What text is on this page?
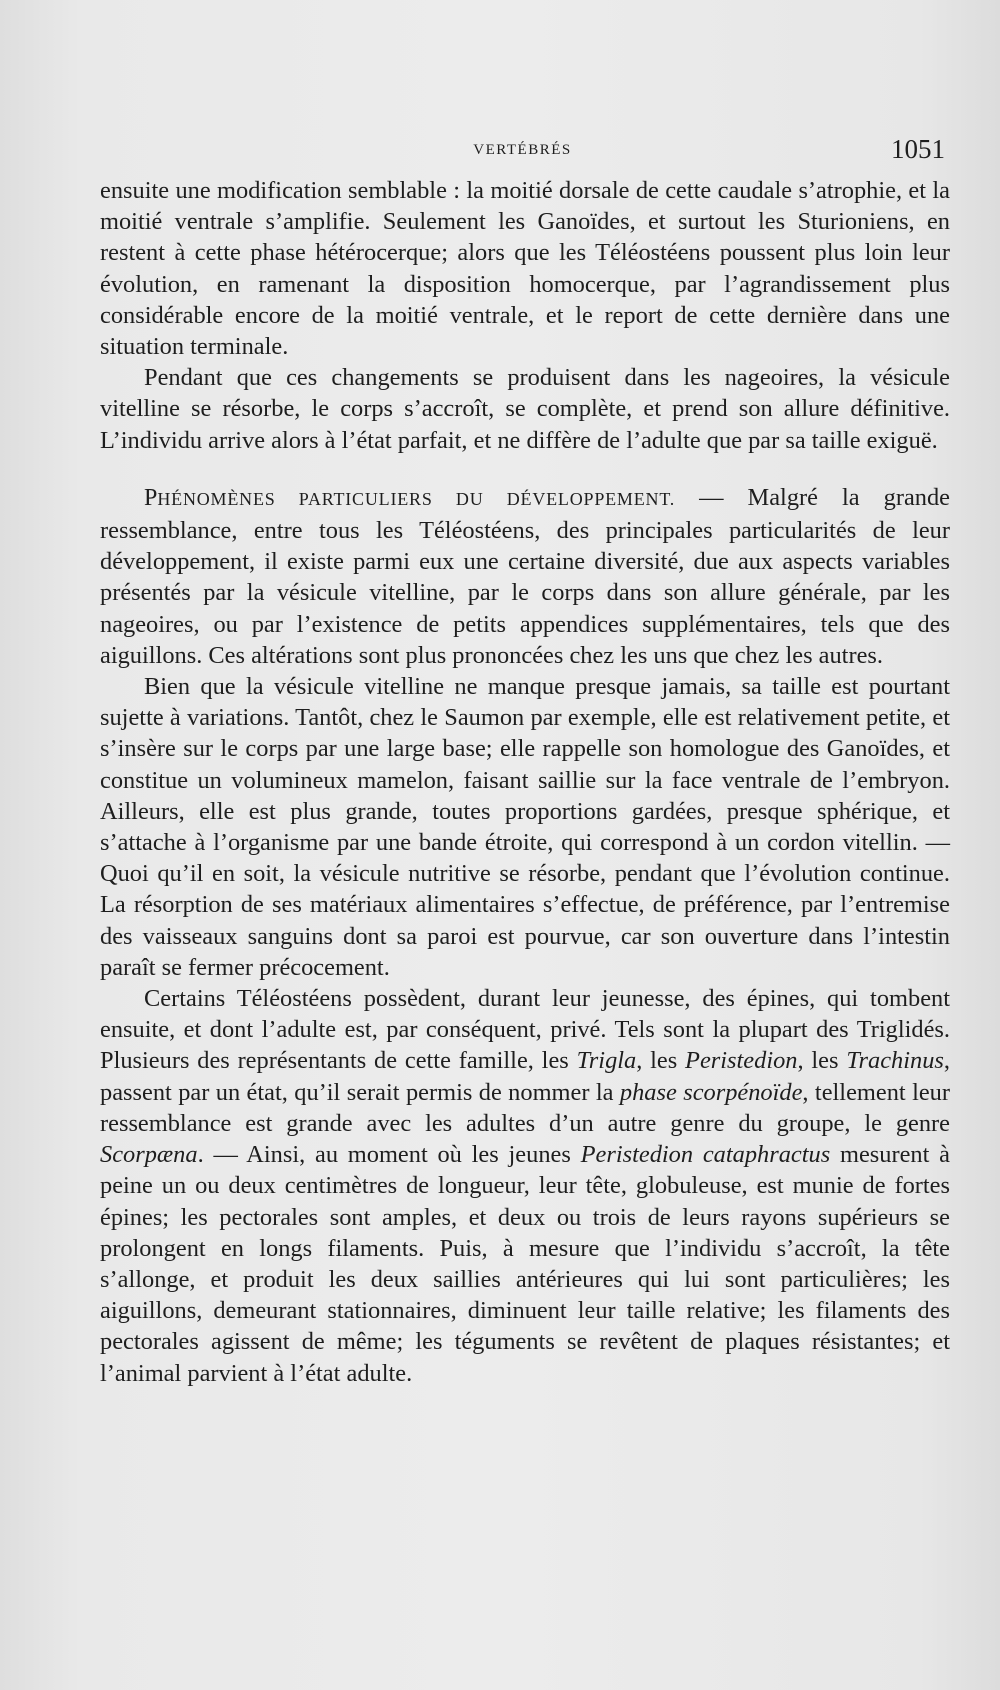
VERTÉBRÉS	1051

ensuite une modification semblable : la moitié dorsale de cette caudale s’atrophie, et la moitié ventrale s’amplifie. Seulement les Ganoïdes, et surtout les Sturioniens, en restent à cette phase hétérocerque; alors que les Téléostéens poussent plus loin leur évolution, en ramenant la disposition homocerque, par l’agrandissement plus considérable encore de la moitié ventrale, et le report de cette dernière dans une situation terminale.

Pendant que ces changements se produisent dans les nageoires, la vésicule vitelline se résorbe, le corps s’accroît, se complète, et prend son allure définitive. L’individu arrive alors à l’état parfait, et ne diffère de l’adulte que par sa taille exiguë.

PHÉNOMÈNES PARTICULIERS DU DÉVELOPPEMENT. — Malgré la grande ressemblance, entre tous les Téléostéens, des principales particularités de leur développement, il existe parmi eux une certaine diversité, due aux aspects variables présentés par la vésicule vitelline, par le corps dans son allure générale, par les nageoires, ou par l’existence de petits appendices supplémentaires, tels que des aiguillons. Ces altérations sont plus prononcées chez les uns que chez les autres.

Bien que la vésicule vitelline ne manque presque jamais, sa taille est pourtant sujette à variations. Tantôt, chez le Saumon par exemple, elle est relativement petite, et s’insère sur le corps par une large base; elle rappelle son homologue des Ganoïdes, et constitue un volumineux mamelon, faisant saillie sur la face ventrale de l’embryon. Ailleurs, elle est plus grande, toutes proportions gardées, presque sphérique, et s’attache à l’organisme par une bande étroite, qui correspond à un cordon vitellin. — Quoi qu’il en soit, la vésicule nutritive se résorbe, pendant que l’évolution continue. La résorption de ses matériaux alimentaires s’effectue, de préférence, par l’entremise des vaisseaux sanguins dont sa paroi est pourvue, car son ouverture dans l’intestin paraît se fermer précocement.

Certains Téléostéens possèdent, durant leur jeunesse, des épines, qui tombent ensuite, et dont l’adulte est, par conséquent, privé. Tels sont la plupart des Triglidés. Plusieurs des représentants de cette famille, les Trigla, les Peristedion, les Trachinus, passent par un état, qu’il serait permis de nommer la phase scorpénoïde, tellement leur ressemblance est grande avec les adultes d’un autre genre du groupe, le genre Scorpæna. — Ainsi, au moment où les jeunes Peristedion cataphractus mesurent à peine un ou deux centimètres de longueur, leur tête, globuleuse, est munie de fortes épines; les pectorales sont amples, et deux ou trois de leurs rayons supérieurs se prolongent en longs filaments. Puis, à mesure que l’individu s’accroît, la tête s’allonge, et produit les deux saillies antérieures qui lui sont particulières; les aiguillons, demeurant stationnaires, diminuent leur taille relative; les filaments des pectorales agissent de même; les téguments se revêtent de plaques résistantes; et l’animal parvient à l’état adulte.
